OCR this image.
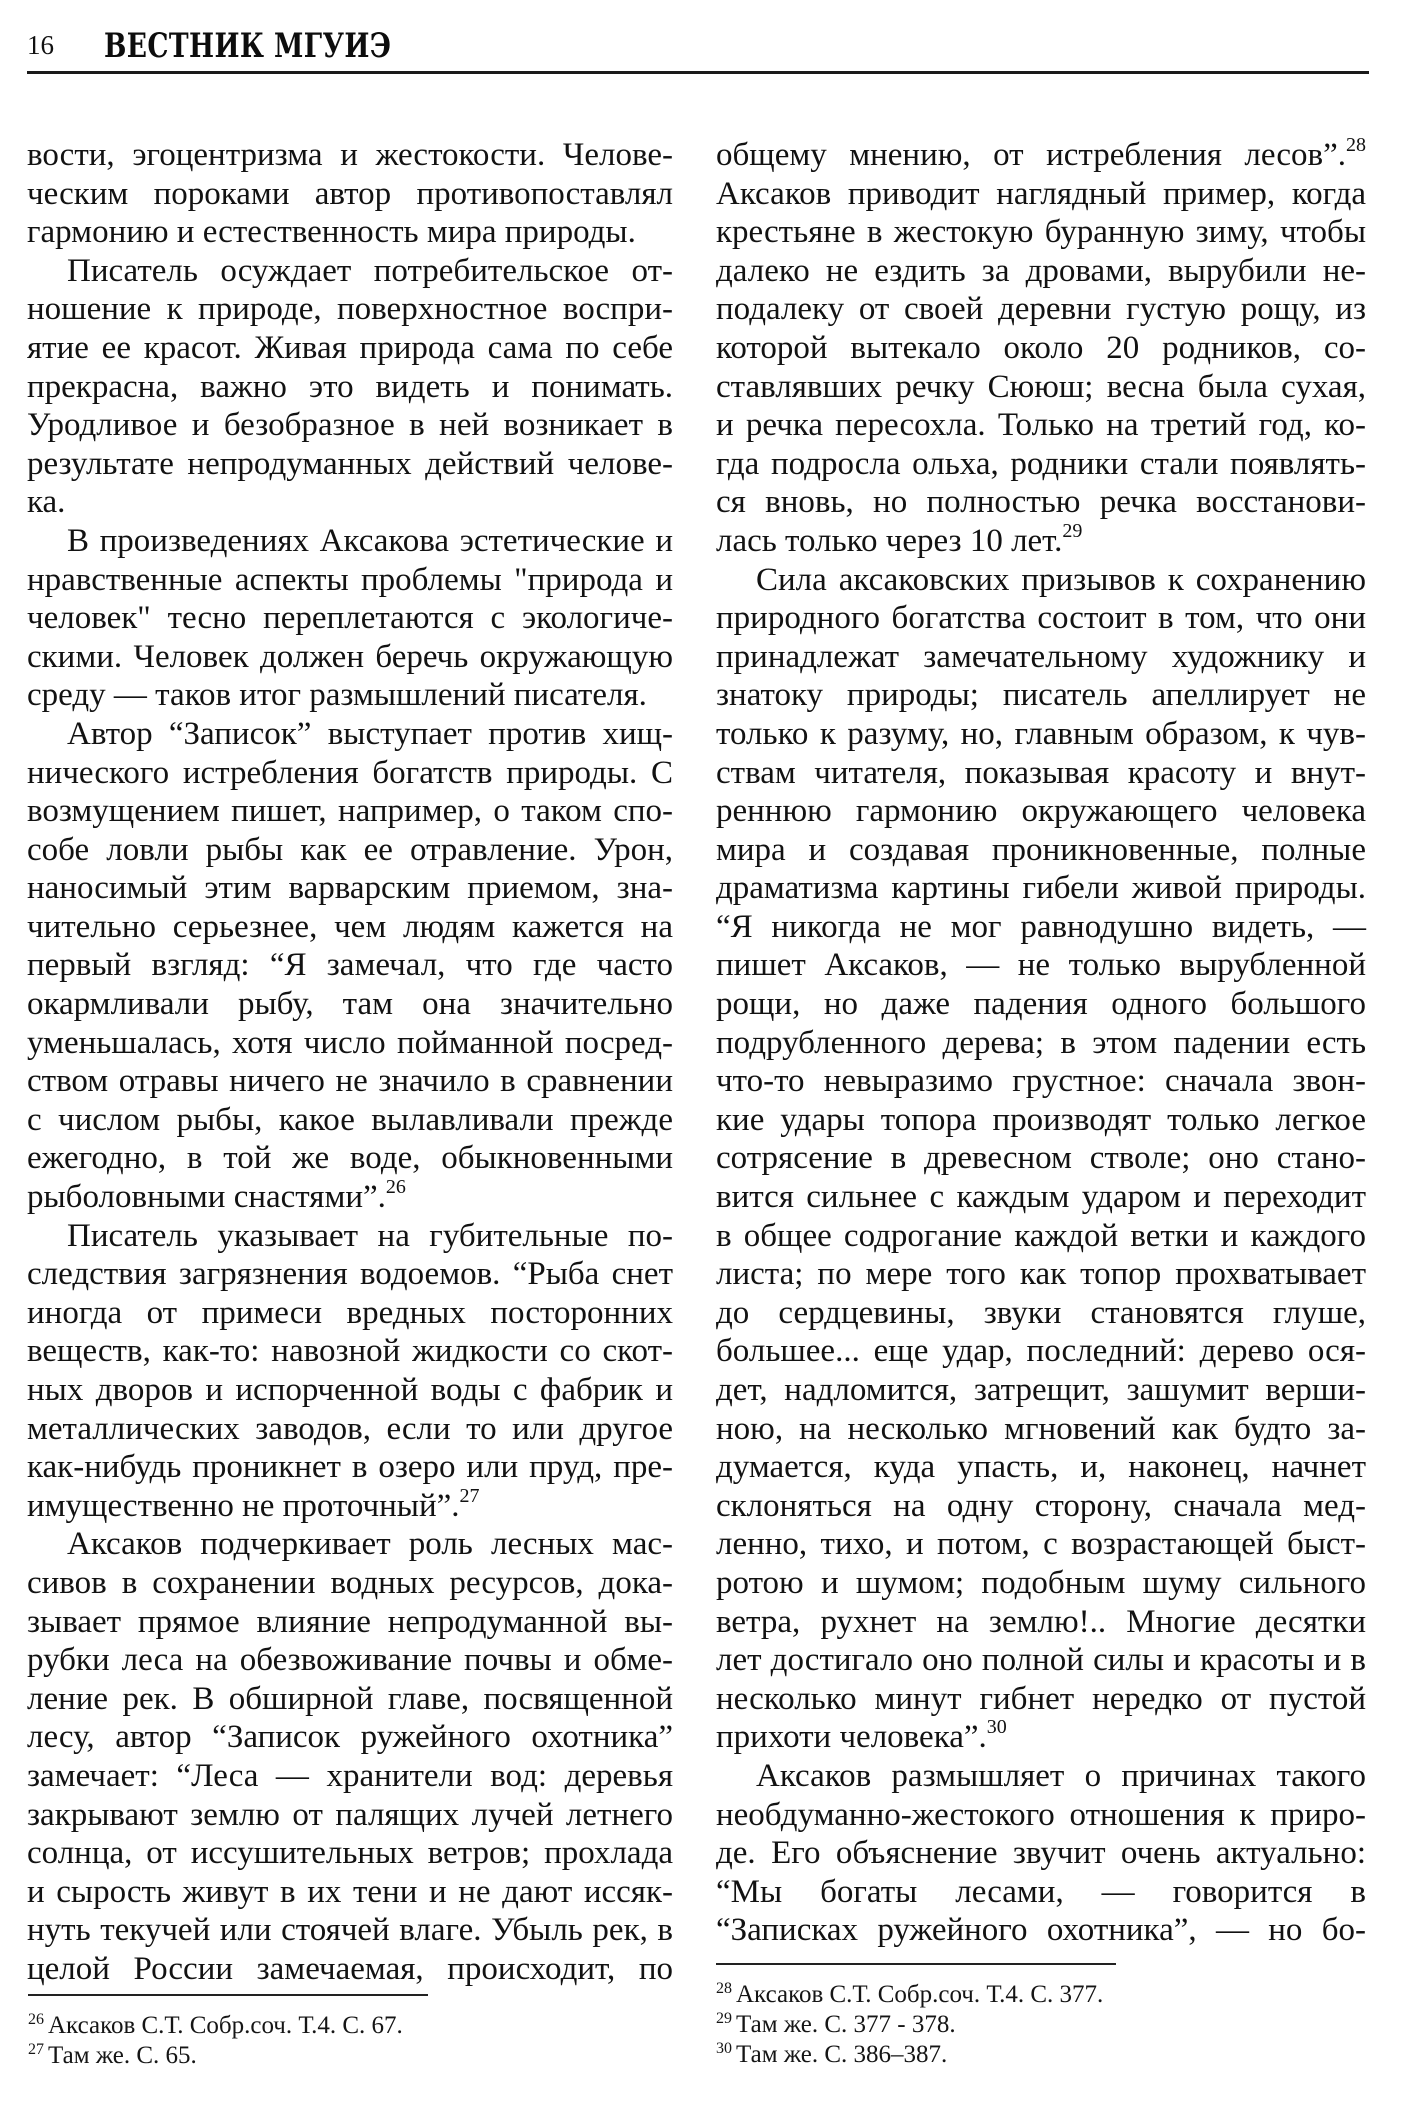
16 ВЕСТНИК МГУИЭ
вости, эгоцентризма и жестокости. Челове-
ческим пороками автор противопоставлял
гармонию и естественность мира природы.
Писатель осуждает потребительское от-
ношение к природе, поверхностное воспри-
ятие ее красот. Живая природа сама по себе
прекрасна, важно это видеть и понимать.
Уродливое и безобразное в ней возникает в
результате непродуманных действий челове-
ка.
В произведениях Аксакова эстетические и
нравственные аспекты проблемы "природа и
человек" тесно переплетаются с экологиче-
скими. Человек должен беречь окружающую
среду — таков итог размышлений писателя.
Автор “Записок” выступает против хищ-
нического истребления богатств природы. С
возмущением пишет, например, о таком спо-
собе ловли рыбы как ее отравление. Урон,
наносимый этим варварским приемом, зна-
чительно серьезнее, чем людям кажется на
первый взгляд: “Я замечал, что где часто
окармливали рыбу, там она значительно
уменьшалась, хотя число пойманной посред-
ством отравы ничего не значило в сравнении
с числом рыбы, какое вылавливали прежде
ежегодно, в той же воде, обыкновенными
рыболовными снастями”.$^{26}$
Писатель указывает на губительные по-
следствия загрязнения водоемов. “Рыба снет
иногда от примеси вредных посторонних
веществ, как-то: навозной жидкости со скот-
ных дворов и испорченной воды с фабрик и
металлических заводов, если то или другое
как-нибудь проникнет в озеро или пруд, пре-
имущественно не проточный”.$^{27}$
Аксаков подчеркивает роль лесных мас-
сивов в сохранении водных ресурсов, дока-
зывает прямое влияние непродуманной вы-
рубки леса на обезвоживание почвы и обме-
ление рек. В обширной главе, посвященной
лесу, автор “Записок ружейного охотника”
замечает: “Леса — хранители вод: деревья
закрывают землю от палящих лучей летнего
солнца, от иссушительных ветров; прохлада
и сырость живут в их тени и не дают иссяк-
нуть текучей или стоячей влаге. Убыль рек, в
целой России замечаемая, происходит, по
общему мнению, от истребления лесов”.$^{28}$
Аксаков приводит наглядный пример, когда
крестьяне в жестокую буранную зиму, чтобы
далеко не ездить за дровами, вырубили не-
подалеку от своей деревни густую рощу, из
которой вытекало около 20 родников, со-
ставлявших речку Сююш; весна была сухая,
и речка пересохла. Только на третий год, ко-
гда подросла ольха, родники стали появлять-
ся вновь, но полностью речка восстанови-
лась только через 10 лет.$^{29}$
Сила аксаковских призывов к сохранению
природного богатства состоит в том, что они
принадлежат замечательному художнику и
знатоку природы; писатель апеллирует не
только к разуму, но, главным образом, к чув-
ствам читателя, показывая красоту и внут-
реннюю гармонию окружающего человека
мира и создавая проникновенные, полные
драматизма картины гибели живой природы.
“Я никогда не мог равнодушно видеть, —
пишет Аксаков, — не только вырубленной
рощи, но даже падения одного большого
подрубленного дерева; в этом падении есть
что-то невыразимо грустное: сначала звон-
кие удары топора производят только легкое
сотрясение в древесном стволе; оно стано-
вится сильнее с каждым ударом и переходит
в общее содрогание каждой ветки и каждого
листа; по мере того как топор прохватывает
до сердцевины, звуки становятся глуше,
большее... еще удар, последний: дерево ося-
дет, надломится, затрещит, зашумит верши-
ною, на несколько мгновений как будто за-
думается, куда упасть, и, наконец, начнет
склоняться на одну сторону, сначала мед-
ленно, тихо, и потом, с возрастающей быст-
ротою и шумом; подобным шуму сильного
ветра, рухнет на землю!.. Многие десятки
лет достигало оно полной силы и красоты и в
несколько минут гибнет нередко от пустой
прихоти человека”.$^{30}$
Аксаков размышляет о причинах такого
необдуманно-жестокого отношения к приро-
де. Его объяснение звучит очень актуально:
“Мы богаты лесами, — говорится в
“Записках ружейного охотника”, — но бо-
$^{26}$ Аксаков С.Т. Собр.соч. Т.4. С. 67.
$^{27}$ Там же. С. 65.
$^{28}$ Аксаков С.Т. Собр.соч. Т.4. С. 377.
$^{29}$ Там же. С. 377 - 378.
$^{30}$ Там же. С. 386–387.
